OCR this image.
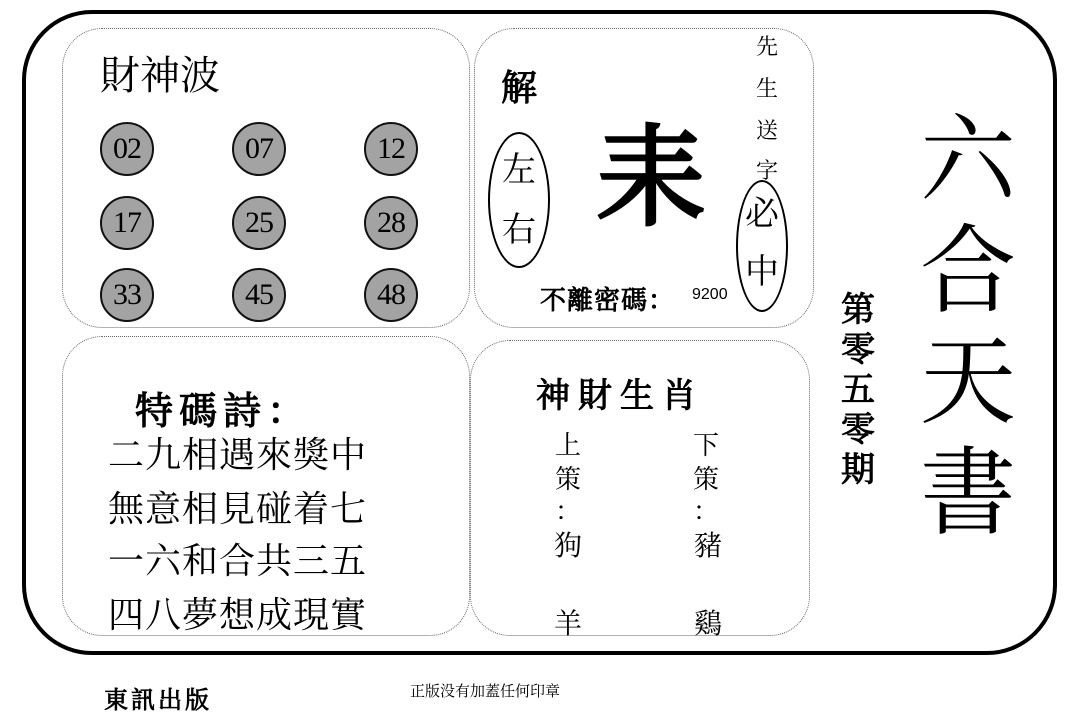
財神波
02	07	12
17	25	28
33	45	48
解
左
右 耒
先
生
送
字
必
中
不離密碼： 9200
特碼詩：
二九相遇來獎中
無意相見碰着七
一六和合共三五
四八夢想成現實
神財生肖
上
策
：
狗
羊
下
策
：
豬
鷄
第
零
五
零
期
六
合
天
書
東訊出版	正版没有加蓋任何印章
